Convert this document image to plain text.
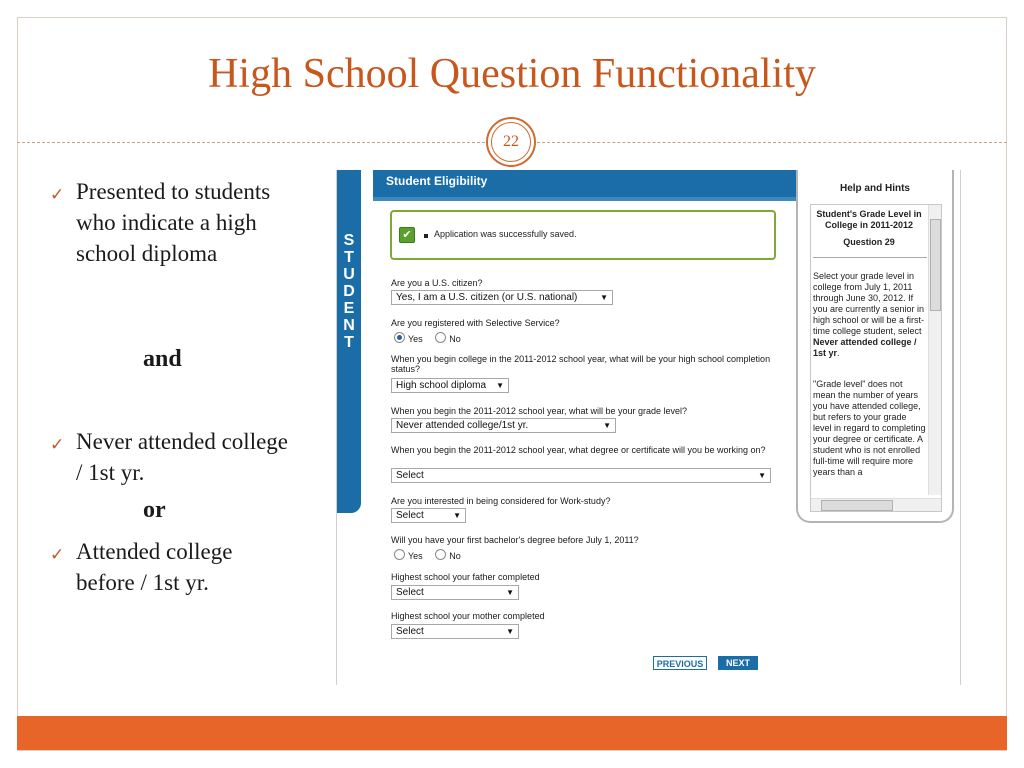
High School Question Functionality
22
✓ Presented to students who indicate a high school diploma
and
✓ Never attended college / 1st yr.
or
✓ Attended college before / 1st yr.
S
T
U
D
E
N
T
Student Eligibility
✔	Application was successfully saved.
Are you a U.S. citizen?
Yes, I am a U.S. citizen (or U.S. national)	▼
Are you registered with Selective Service?
Yes	No
When you begin college in the 2011-2012 school year, what will be your high school completion status?
High school diploma ▼
When you begin the 2011-2012 school year, what will be your grade level?
Never attended college/1st yr.	▼
When you begin the 2011-2012 school year, what degree or certificate will you be working on?
Select	▼
Are you interested in being considered for Work-study?
Select	▼
Will you have your first bachelor's degree before July 1, 2011?
Yes	No
Highest school your father completed
Select	▼
Highest school your mother completed
Select	▼
PREVIOUS	NEXT
Help and Hints
Student's Grade Level in College in 2011-2012
Question 29
Select your grade level in college from July 1, 2011 through June 30, 2012. If you are currently a senior in high school or will be a first-time college student, select Never attended college / 1st yr.
"Grade level" does not mean the number of years you have attended college, but refers to your grade level in regard to completing your degree or certificate. A student who is not enrolled full-time will require more years than a
